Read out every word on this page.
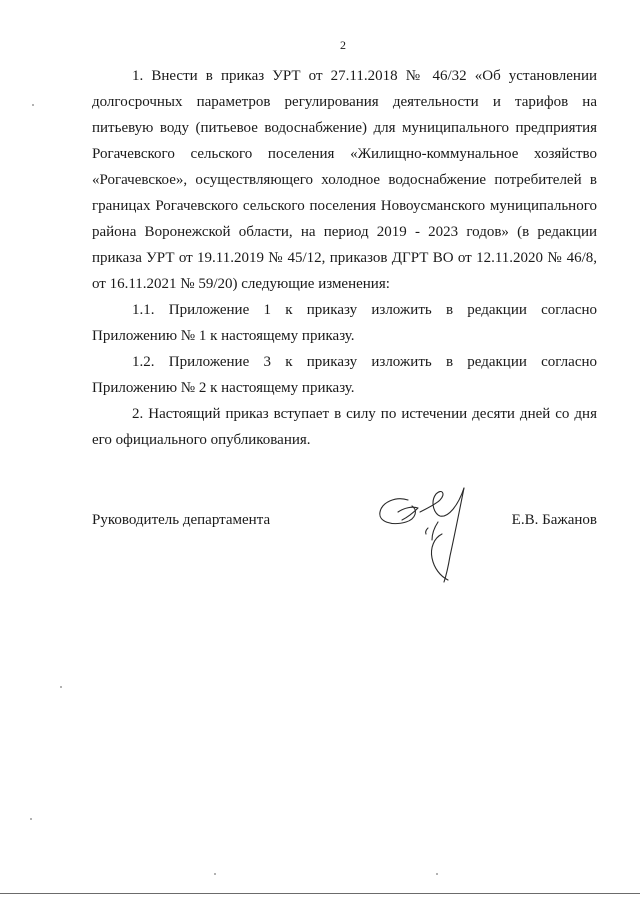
2

1. Внести в приказ УРТ от 27.11.2018 № 46/32 «Об установлении долгосрочных параметров регулирования деятельности и тарифов на питьевую воду (питьевое водоснабжение) для муниципального предприятия Рогачевского сельского поселения «Жилищно-коммунальное хозяйство «Рогачевское», осуществляющего холодное водоснабжение потребителей в границах Рогачевского сельского поселения Новоусманского муниципального района Воронежской области, на период 2019 - 2023 годов» (в редакции приказа УРТ от 19.11.2019 № 45/12, приказов ДГРТ ВО от 12.11.2020 № 46/8, от 16.11.2021 № 59/20) следующие изменения:

1.1. Приложение 1 к приказу изложить в редакции согласно Приложению № 1 к настоящему приказу.

1.2. Приложение 3 к приказу изложить в редакции согласно Приложению № 2 к настоящему приказу.

2. Настоящий приказ вступает в силу по истечении десяти дней со дня его официального опубликования.

Руководитель департамента	Е.В. Бажанов
